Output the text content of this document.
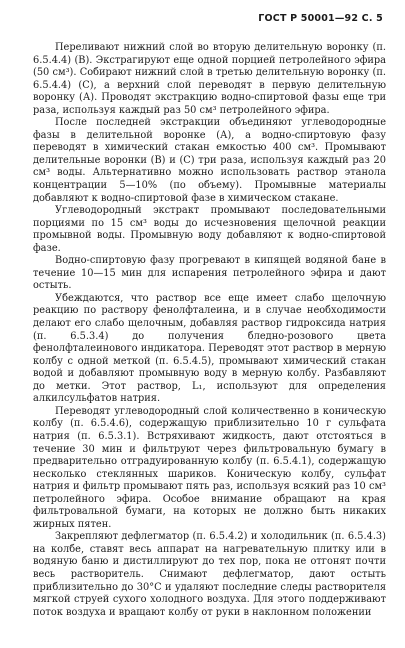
ГОСТ Р 50001—92 С. 5

Переливают нижний слой во вторую делительную воронку (п. 6.5.4.4) (В). Экстрагируют еще одной порцией петролейного эфира (50 см³). Собирают нижний слой в третью делительную воронку (п. 6.5.4.4) (С), а верхний слой переводят в первую делительную воронку (А). Проводят экстракцию водно-спиртовой фазы еще три раза, используя каждый раз 50 см³ петролейного эфира.

После последней экстракции объединяют углеводородные фазы в делительной воронке (А), а водно-спиртовую фазу переводят в химический стакан емкостью 400 см³. Промывают делительные воронки (В) и (С) три раза, используя каждый раз 20 см³ воды. Альтернативно можно использовать раствор этанола концентрации 5—10% (по объему). Промывные материалы добавляют к водно-спиртовой фазе в химическом стакане.

Углеводородный экстракт промывают последовательными порциями по 15 см³ воды до исчезновения щелочной реакции промывной воды. Промывную воду добавляют к водно-спиртовой фазе.

Водно-спиртовую фазу прогревают в кипящей водяной бане в течение 10—15 мин для испарения петролейного эфира и дают остыть.

Убеждаются, что раствор все еще имеет слабо щелочную реакцию по раствору фенолфталеина, и в случае необходимости делают его слабо щелочным, добавляя раствор гидроксида натрия (п. 6.5.3.4) до получения бледно-розового цвета фенолфталеинового индикатора. Переводят этот раствор в мерную колбу с одной меткой (п. 6.5.4.5), промывают химический стакан водой и добавляют промывную воду в мерную колбу. Разбавляют до метки. Этот раствор, L₁, используют для определения алкилсульфатов натрия.

Переводят углеводородный слой количественно в коническую колбу (п. 6.5.4.6), содержащую приблизительно 10 г сульфата натрия (п. 6.5.3.1). Встряхивают жидкость, дают отстояться в течение 30 мин и фильтруют через фильтровальную бумагу в предварительно отградуированную колбу (п. 6.5.4.1), содержащую несколько стеклянных шариков. Коническую колбу, сульфат натрия и фильтр промывают пять раз, используя всякий раз 10 см³ петролейного эфира. Особое внимание обращают на края фильтровальной бумаги, на которых не должно быть никаких жирных пятен.

Закрепляют дефлегматор (п. 6.5.4.2) и холодильник (п. 6.5.4.3) на колбе, ставят весь аппарат на нагревательную плитку или в водяную баню и дистиллируют до тех пор, пока не отгонят почти весь растворитель. Снимают дефлегматор, дают остыть приблизительно до 30°С и удаляют последние следы растворителя мягкой струей сухого холодного воздуха. Для этого поддерживают поток воздуха и вращают колбу от руки в наклонном положении
